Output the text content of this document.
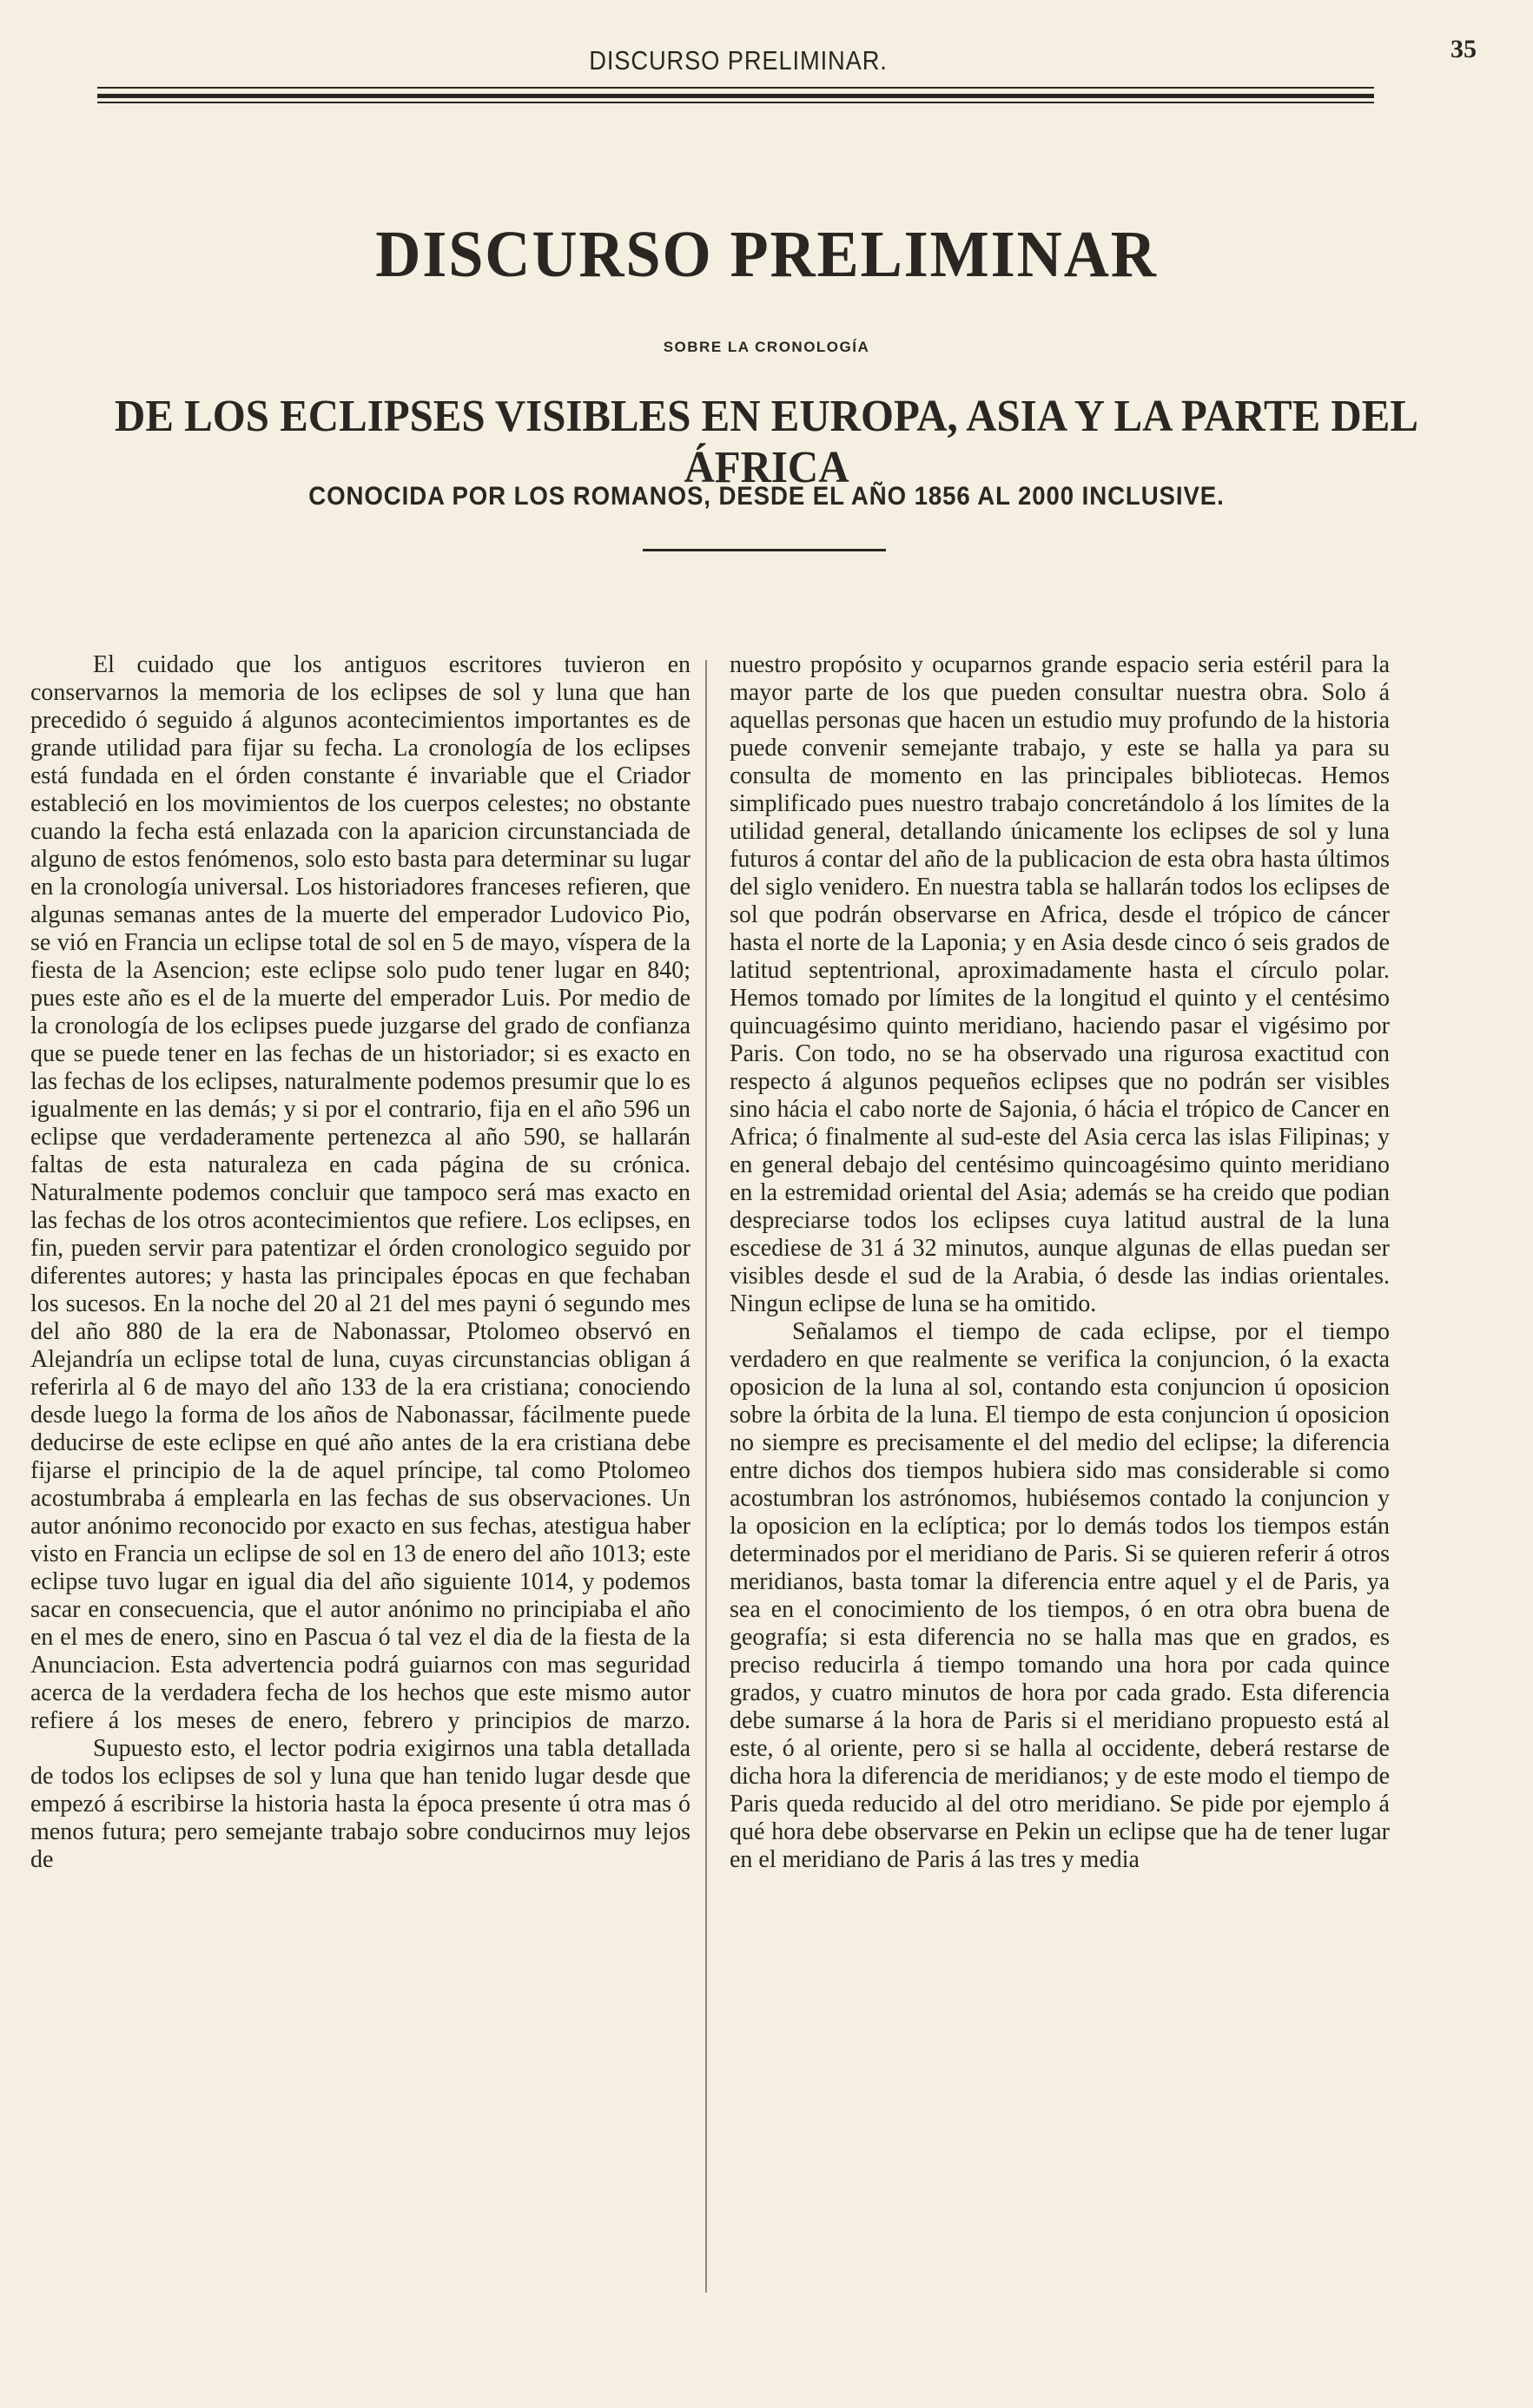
DISCURSO PRELIMINAR.	35
DISCURSO PRELIMINAR
SOBRE LA CRONOLOGÍA
DE LOS ECLIPSES VISIBLES EN EUROPA, ASIA Y LA PARTE DEL ÁFRICA
CONOCIDA POR LOS ROMANOS, DESDE EL AÑO 1856 AL 2000 INCLUSIVE.

El cuidado que los antiguos escritores tuvieron en conservarnos la memoria de los eclipses de sol y luna que han precedido ó seguido á algunos acontecimientos importantes es de grande utilidad para fijar su fecha. La cronología de los eclipses está fundada en el órden constante é invariable que el Criador estableció en los movimientos de los cuerpos celestes; no obstante cuando la fecha está enlazada con la aparicion circunstanciada de alguno de estos fenómenos, solo esto basta para determinar su lugar en la cronología universal. Los historiadores franceses refieren, que algunas semanas antes de la muerte del emperador Ludovico Pio, se vió en Francia un eclipse total de sol en 5 de mayo, víspera de la fiesta de la Asencion; este eclipse solo pudo tener lugar en 840; pues este año es el de la muerte del emperador Luis. Por medio de la cronología de los eclipses puede juzgarse del grado de confianza que se puede tener en las fechas de un historiador; si es exacto en las fechas de los eclipses, naturalmente podemos presumir que lo es igualmente en las demás; y si por el contrario, fija en el año 596 un eclipse que verdaderamente pertenezca al año 590, se hallarán faltas de esta naturaleza en cada página de su crónica. Naturalmente podemos concluir que tampoco será mas exacto en las fechas de los otros acontecimientos que refiere. Los eclipses, en fin, pueden servir para patentizar el órden cronologico seguido por diferentes autores; y hasta las principales épocas en que fechaban los sucesos. En la noche del 20 al 21 del mes payni ó segundo mes del año 880 de la era de Nabonassar, Ptolomeo observó en Alejandría un eclipse total de luna, cuyas circunstancias obligan á referirla al 6 de mayo del año 133 de la era cristiana; conociendo desde luego la forma de los años de Nabonassar, fácilmente puede deducirse de este eclipse en qué año antes de la era cristiana debe fijarse el principio de la de aquel príncipe, tal como Ptolomeo acostumbraba á emplearla en las fechas de sus observaciones. Un autor anónimo reconocido por exacto en sus fechas, atestigua haber visto en Francia un eclipse de sol en 13 de enero del año 1013; este eclipse tuvo lugar en igual dia del año siguiente 1014, y podemos sacar en consecuencia, que el autor anónimo no principiaba el año en el mes de enero, sino en Pascua ó tal vez el dia de la fiesta de la Anunciacion. Esta advertencia podrá guiarnos con mas seguridad acerca de la verdadera fecha de los hechos que este mismo autor refiere á los meses de enero, febrero y principios de marzo.

Supuesto esto, el lector podria exigirnos una tabla detallada de todos los eclipses de sol y luna que han tenido lugar desde que empezó á escribirse la historia hasta la época presente ú otra mas ó menos futura; pero semejante trabajo sobre conducirnos muy lejos de

nuestro propósito y ocuparnos grande espacio seria estéril para la mayor parte de los que pueden consultar nuestra obra. Solo á aquellas personas que hacen un estudio muy profundo de la historia puede convenir semejante trabajo, y este se halla ya para su consulta de momento en las principales bibliotecas. Hemos simplificado pues nuestro trabajo concretándolo á los límites de la utilidad general, detallando únicamente los eclipses de sol y luna futuros á contar del año de la publicacion de esta obra hasta últimos del siglo venidero. En nuestra tabla se hallarán todos los eclipses de sol que podrán observarse en Africa, desde el trópico de cáncer hasta el norte de la Laponia; y en Asia desde cinco ó seis grados de latitud septentrional, aproximadamente hasta el círculo polar. Hemos tomado por límites de la longitud el quinto y el centésimo quincuagésimo quinto meridiano, haciendo pasar el vigésimo por Paris. Con todo, no se ha observado una rigurosa exactitud con respecto á algunos pequeños eclipses que no podrán ser visibles sino hácia el cabo norte de Sajonia, ó hácia el trópico de Cancer en Africa; ó finalmente al sud-este del Asia cerca las islas Filipinas; y en general debajo del centésimo quincoagésimo quinto meridiano en la estremidad oriental del Asia; además se ha creido que podian despreciarse todos los eclipses cuya latitud austral de la luna escediese de 31 á 32 minutos, aunque algunas de ellas puedan ser visibles desde el sud de la Arabia, ó desde las indias orientales. Ningun eclipse de luna se ha omitido.

Señalamos el tiempo de cada eclipse, por el tiempo verdadero en que realmente se verifica la conjuncion, ó la exacta oposicion de la luna al sol, contando esta conjuncion ú oposicion sobre la órbita de la luna. El tiempo de esta conjuncion ú oposicion no siempre es precisamente el del medio del eclipse; la diferencia entre dichos dos tiempos hubiera sido mas considerable si como acostumbran los astrónomos, hubiésemos contado la conjuncion y la oposicion en la eclíptica; por lo demás todos los tiempos están determinados por el meridiano de Paris. Si se quieren referir á otros meridianos, basta tomar la diferencia entre aquel y el de Paris, ya sea en el conocimiento de los tiempos, ó en otra obra buena de geografía; si esta diferencia no se halla mas que en grados, es preciso reducirla á tiempo tomando una hora por cada quince grados, y cuatro minutos de hora por cada grado. Esta diferencia debe sumarse á la hora de Paris si el meridiano propuesto está al este, ó al oriente, pero si se halla al occidente, deberá restarse de dicha hora la diferencia de meridianos; y de este modo el tiempo de Paris queda reducido al del otro meridiano. Se pide por ejemplo á qué hora debe observarse en Pekin un eclipse que ha de tener lugar en el meridiano de Paris á las tres y media
